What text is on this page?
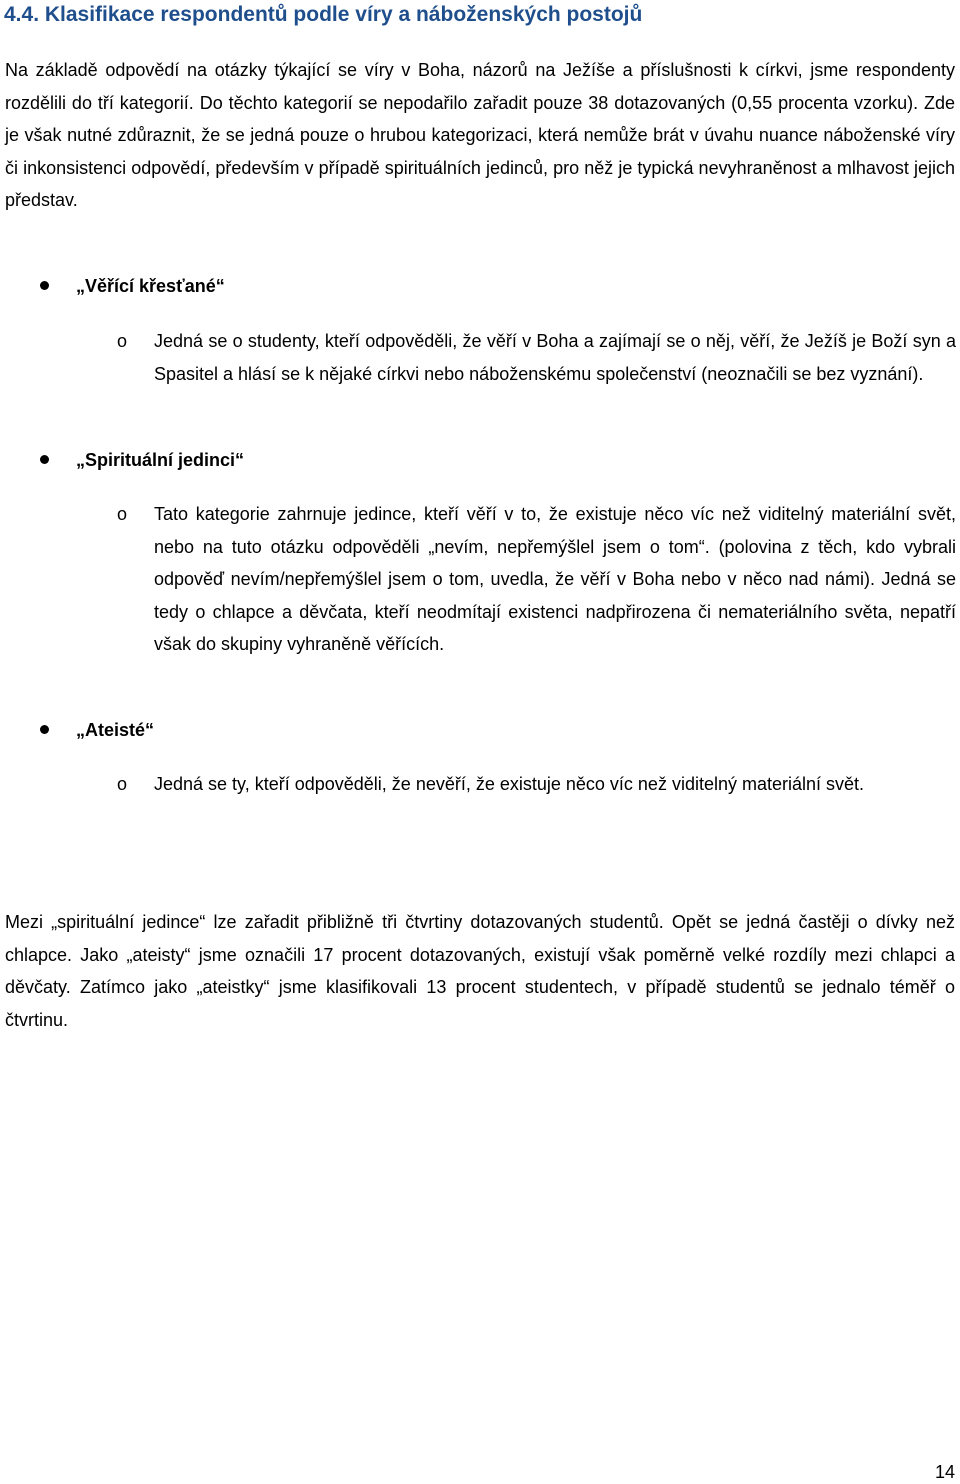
4.4. Klasifikace respondentů podle víry a náboženských postojů

Na základě odpovědí na otázky týkající se víry v Boha, názorů na Ježíše a příslušnosti k církvi, jsme respondenty rozdělili do tří kategorií. Do těchto kategorií se nepodařilo zařadit pouze 38 dotazovaných (0,55 procenta vzorku). Zde je však nutné zdůraznit, že se jedná pouze o hrubou kategorizaci, která nemůže brát v úvahu nuance náboženské víry či inkonsistenci odpovědí, především v případě spirituálních jedinců, pro něž je typická nevyhraněnost a mlhavost jejich představ.

„Věřící křesťané“
o Jedná se o studenty, kteří odpověděli, že věří v Boha a zajímají se o něj, věří, že Ježíš je Boží syn a Spasitel a hlásí se k nějaké církvi nebo náboženskému společenství (neoznačili se bez vyznání).

„Spirituální jedinci“
o Tato kategorie zahrnuje jedince, kteří věří v to, že existuje něco víc než viditelný materiální svět, nebo na tuto otázku odpověděli „nevím, nepřemýšlel jsem o tom“. (polovina z těch, kdo vybrali odpověď nevím/nepřemýšlel jsem o tom, uvedla, že věří v Boha nebo v něco nad námi). Jedná se tedy o chlapce a děvčata, kteří neodmítají existenci nadpřirozena či nemateriálního světa, nepatří však do skupiny vyhraněně věřících.

„Ateisté“
o Jedná se ty, kteří odpověděli, že nevěří, že existuje něco víc než viditelný materiální svět.

Mezi „spirituální jedince“ lze zařadit přibližně tři čtvrtiny dotazovaných studentů. Opět se jedná častěji o dívky než chlapce. Jako „ateisty“ jsme označili 17 procent dotazovaných, existují však poměrně velké rozdíly mezi chlapci a děvčaty. Zatímco jako „ateistky“ jsme klasifikovali 13 procent studentech, v případě studentů se jednalo téměř o čtvrtinu.

14
